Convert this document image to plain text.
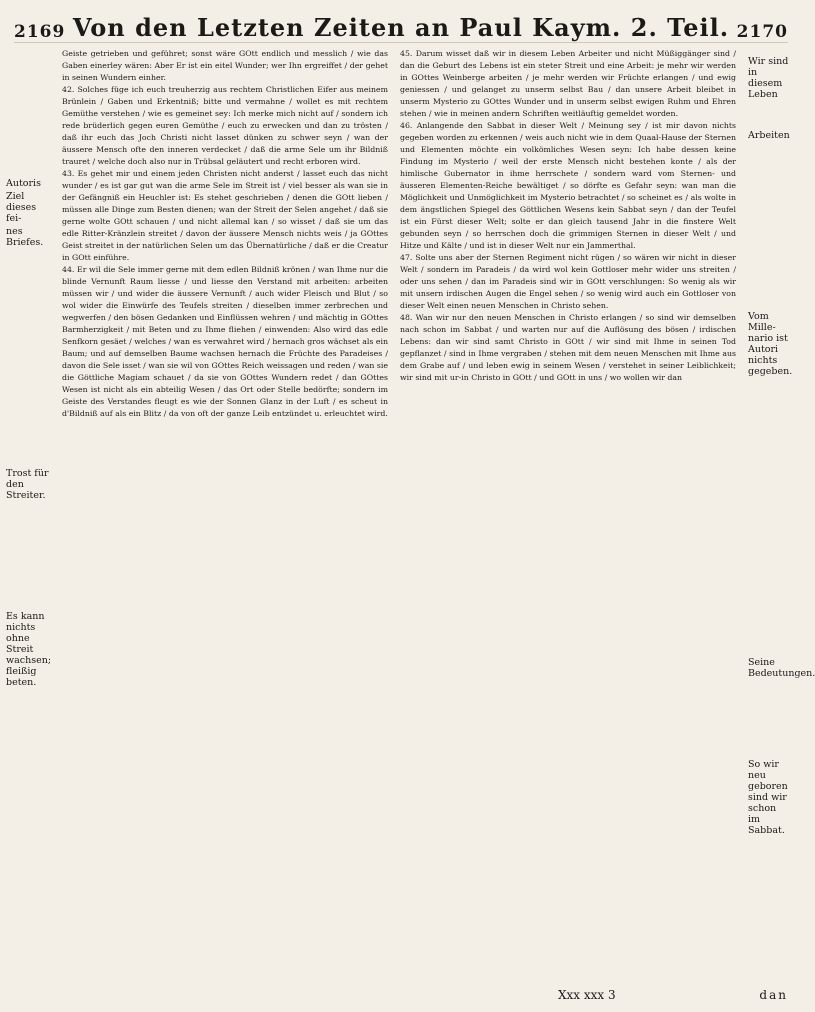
2169 Von den Letzten Zeiten an Paul Kaym. 2. Teil. 2170
Autoris
Ziel dieses fei-
nes Briefes.
Trost für den Streiter.
Es kann nichts ohne Streit wachsen; fleißig beten.

Geiste getrieben und geführet; sonst wäre GOtt endlich und messlich / wie das Gaben einerley wären: Aber Er ist ein eitel Wunder; wer Ihn ergreiffet / der gehet in seinen Wundern einher.

42. Solches füge ich euch treuherzig aus rechtem Christlichen Eifer aus meinem Brünlein / Gaben und Erkentniß; bitte und vermahne / wollet es mit rechtem Gemüthe verstehen / wie es gemeinet sey: Ich merke mich nicht auf / sondern ich rede brüderlich gegen euren Gemüthe / euch zu erwecken und dan zu trösten / daß ihr euch das Joch Christi nicht lasset dünken zu schwer seyn / wan der äussere Mensch ofte den inneren verdecket / daß die arme Sele um ihr Bildniß trauret / welche doch also nur in Trübsal geläutert und recht erboren wird.

43. Es gehet mir und einem jeden Christen nicht anderst / lasset euch das nicht wunder / es ist gar gut wan die arme Sele im Streit ist / viel besser als wan sie in der Gefängniß ein Heuchler ist: Es stehet geschrieben / denen die GOtt lieben / müssen alle Dinge zum Besten dienen; wan der Streit der Selen angehet / daß sie gerne wolte GOtt schauen / und nicht allemal kan / so wisset / daß sie um das edle Ritter-Kränzlein streitet / davon der äussere Mensch nichts weis / ja GOttes Geist streitet in der natürlichen Selen um das Übernatürliche / daß er die Creatur in GOtt einführe.

44. Er wil die Sele immer gerne mit dem edlen Bildniß krönen / wan Ihme nur die blinde Vernunft Raum liesse / und liesse den Verstand mit arbeiten: arbeiten müssen wir / und wider die äussere Vernunft / auch wider Fleisch und Blut / so wol wider die Einwürfe des Teufels streiten / dieselben immer zerbrechen und wegwerfen / den bösen Gedanken und Einflüssen wehren / und mächtig in GOttes Barmherzigkeit / mit Beten und zu Ihme fliehen / einwenden: Also wird das edle Senfkorn gesäet / welches / wan es verwahret wird / hernach gros wächset als ein Baum; und auf demselben Baume wachsen hernach die Früchte des Paradeises / davon die Sele isset / wan sie wil von GOttes Reich weissagen und reden / wan sie die Göttliche Magiam schauet / da sie von GOttes Wundern redet / dan GOttes Wesen ist nicht als ein abteilig Wesen / das Ort oder Stelle bedörfte; sondern im Geiste des Verstandes fleugt es wie der Sonnen Glanz in der Luft / es scheut in d'Bildniß auf als ein Blitz / da von oft der ganze Leib entzündet u. erleuchtet wird.

45. Darum wisset daß wir in diesem Leben Arbeiter und nicht Müßiggänger sind / dan die Geburt des Lebens ist ein steter Streit und eine Arbeit: je mehr wir werden in GOttes Weinberge arbeiten / je mehr werden wir Früchte erlangen / und ewig geniessen / und gelanget zu unserm selbst Bau / dan unsere Arbeit bleibet in unserm Mysterio zu GOttes Wunder und in unserm selbst ewigen Ruhm und Ehren stehen / wie in meinen andern Schriften weitläuftig gemeldet worden.

46. Anlangende den Sabbat in dieser Welt / Meinung sey / ist mir davon nichts gegeben worden zu erkennen / weis auch nicht wie in dem Quaal-Hause der Sternen und Elementen möchte ein volkömliches Wesen seyn: Ich habe dessen keine Findung im Mysterio / weil der erste Mensch nicht bestehen konte / als der himlische Gubernator in ihme herrschete / sondern ward vom Sternen- und äusseren Elementen-Reiche bewältiget / so dörfte es Gefahr seyn: wan man die Möglichkeit und Unmöglichkeit im Mysterio betrachtet / so scheinet es / als wolte in dem ängstlichen Spiegel des Göttlichen Wesens kein Sabbat seyn / dan der Teufel ist ein Fürst dieser Welt; solte er dan gleich tausend Jahr in die finstere Welt gebunden seyn / so herrschen doch die grimmigen Sternen in dieser Welt / und Hitze und Kälte / und ist in dieser Welt nur ein Jammerthal.

47. Solte uns aber der Sternen Regiment nicht rügen / so wären wir nicht in dieser Welt / sondern im Paradeis / da wird wol kein Gottloser mehr wider uns streiten / oder uns sehen / dan im Paradeis sind wir in GOtt verschlungen: So wenig als wir mit unsern irdischen Augen die Engel sehen / so wenig wird auch ein Gottloser von dieser Welt einen neuen Menschen in Christo sehen.

48. Wan wir nur den neuen Menschen in Christo erlangen / so sind wir demselben nach schon im Sabbat / und warten nur auf die Auflösung des bösen / irdischen Lebens: dan wir sind samt Christo in GOtt / wir sind mit Ihme in seinen Tod gepflanzet / sind in Ihme vergraben / stehen mit dem neuen Menschen mit Ihme aus dem Grabe auf / und leben ewig in seinem Wesen / verstehet in seiner Leiblichkeit; wir sind mit ur-in Christo in GOtt / und GOtt in uns / wo wollen wir dan

Wir sind in diesem Leben
Arbeiten
Vom Mille-nario ist Autori nichts gegeben.
Seine Bedeutungen.
So wir neu geboren sind wir schon im Sabbat.
Xxx xxx 3	dan
